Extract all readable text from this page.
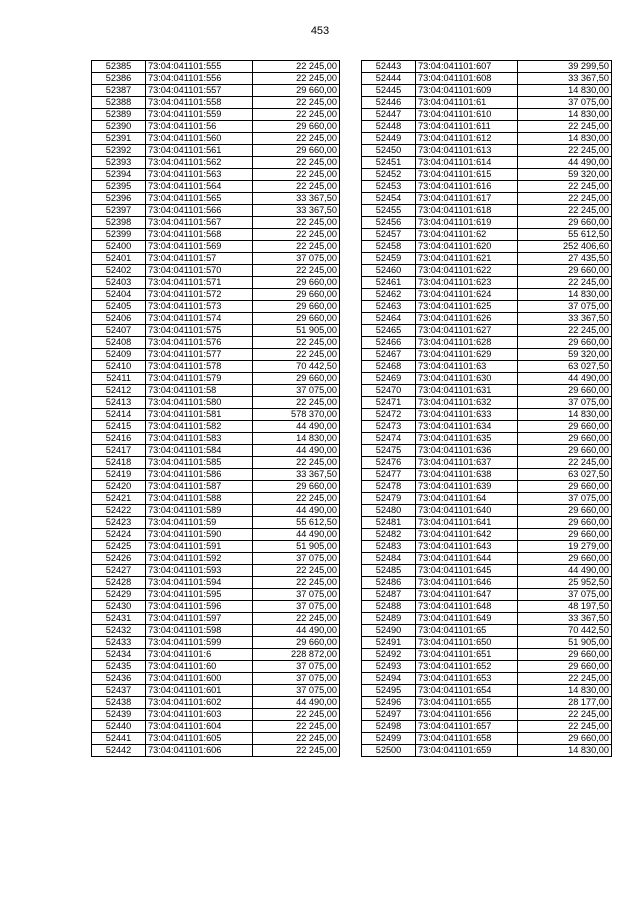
453
52385	73:04:041101:555	22 245,00
52386	73:04:041101:556	22 245,00
52387	73:04:041101:557	29 660,00
52388	73:04:041101:558	22 245,00
52389	73:04:041101:559	22 245,00
52390	73:04:041101:56	29 660,00
52391	73:04:041101:560	22 245,00
52392	73:04:041101:561	29 660,00
52393	73:04:041101:562	22 245,00
52394	73:04:041101:563	22 245,00
52395	73:04:041101:564	22 245,00
52396	73:04:041101:565	33 367,50
52397	73:04:041101:566	33 367,50
52398	73:04:041101:567	22 245,00
52399	73:04:041101:568	22 245,00
52400	73:04:041101:569	22 245,00
52401	73:04:041101:57	37 075,00
52402	73:04:041101:570	22 245,00
52403	73:04:041101:571	29 660,00
52404	73:04:041101:572	29 660,00
52405	73:04:041101:573	29 660,00
52406	73:04:041101:574	29 660,00
52407	73:04:041101:575	51 905,00
52408	73:04:041101:576	22 245,00
52409	73:04:041101:577	22 245,00
52410	73:04:041101:578	70 442,50
52411	73:04:041101:579	29 660,00
52412	73:04:041101:58	37 075,00
52413	73:04:041101:580	22 245,00
52414	73:04:041101:581	578 370,00
52415	73:04:041101:582	44 490,00
52416	73:04:041101:583	14 830,00
52417	73:04:041101:584	44 490,00
52418	73:04:041101:585	22 245,00
52419	73:04:041101:586	33 367,50
52420	73:04:041101:587	29 660,00
52421	73:04:041101:588	22 245,00
52422	73:04:041101:589	44 490,00
52423	73:04:041101:59	55 612,50
52424	73:04:041101:590	44 490,00
52425	73:04:041101:591	51 905,00
52426	73:04:041101:592	37 075,00
52427	73:04:041101:593	22 245,00
52428	73:04:041101:594	22 245,00
52429	73:04:041101:595	37 075,00
52430	73:04:041101:596	37 075,00
52431	73:04:041101:597	22 245,00
52432	73:04:041101:598	44 490,00
52433	73:04:041101:599	29 660,00
52434	73:04:041101:6	228 872,00
52435	73:04:041101:60	37 075,00
52436	73:04:041101:600	37 075,00
52437	73:04:041101:601	37 075,00
52438	73:04:041101:602	44 490,00
52439	73:04:041101:603	22 245,00
52440	73:04:041101:604	22 245,00
52441	73:04:041101:605	22 245,00
52442	73:04:041101:606	22 245,00
52443	73:04:041101:607	39 299,50
52444	73:04:041101:608	33 367,50
52445	73:04:041101:609	14 830,00
52446	73:04:041101:61	37 075,00
52447	73:04:041101:610	14 830,00
52448	73:04:041101:611	22 245,00
52449	73:04:041101:612	14 830,00
52450	73:04:041101:613	22 245,00
52451	73:04:041101:614	44 490,00
52452	73:04:041101:615	59 320,00
52453	73:04:041101:616	22 245,00
52454	73:04:041101:617	22 245,00
52455	73:04:041101:618	22 245,00
52456	73:04:041101:619	29 660,00
52457	73:04:041101:62	55 612,50
52458	73:04:041101:620	252 406,60
52459	73:04:041101:621	27 435,50
52460	73:04:041101:622	29 660,00
52461	73:04:041101:623	22 245,00
52462	73:04:041101:624	14 830,00
52463	73:04:041101:625	37 075,00
52464	73:04:041101:626	33 367,50
52465	73:04:041101:627	22 245,00
52466	73:04:041101:628	29 660,00
52467	73:04:041101:629	59 320,00
52468	73:04:041101:63	63 027,50
52469	73:04:041101:630	44 490,00
52470	73:04:041101:631	29 660,00
52471	73:04:041101:632	37 075,00
52472	73:04:041101:633	14 830,00
52473	73:04:041101:634	29 660,00
52474	73:04:041101:635	29 660,00
52475	73:04:041101:636	29 660,00
52476	73:04:041101:637	22 245,00
52477	73:04:041101:638	63 027,50
52478	73:04:041101:639	29 660,00
52479	73:04:041101:64	37 075,00
52480	73:04:041101:640	29 660,00
52481	73:04:041101:641	29 660,00
52482	73:04:041101:642	29 660,00
52483	73:04:041101:643	19 279,00
52484	73:04:041101:644	29 660,00
52485	73:04:041101:645	44 490,00
52486	73:04:041101:646	25 952,50
52487	73:04:041101:647	37 075,00
52488	73:04:041101:648	48 197,50
52489	73:04:041101:649	33 367,50
52490	73:04:041101:65	70 442,50
52491	73:04:041101:650	51 905,00
52492	73:04:041101:651	29 660,00
52493	73:04:041101:652	29 660,00
52494	73:04:041101:653	22 245,00
52495	73:04:041101:654	14 830,00
52496	73:04:041101:655	28 177,00
52497	73:04:041101:656	22 245,00
52498	73:04:041101:657	22 245,00
52499	73:04:041101:658	29 660,00
52500	73:04:041101:659	14 830,00
